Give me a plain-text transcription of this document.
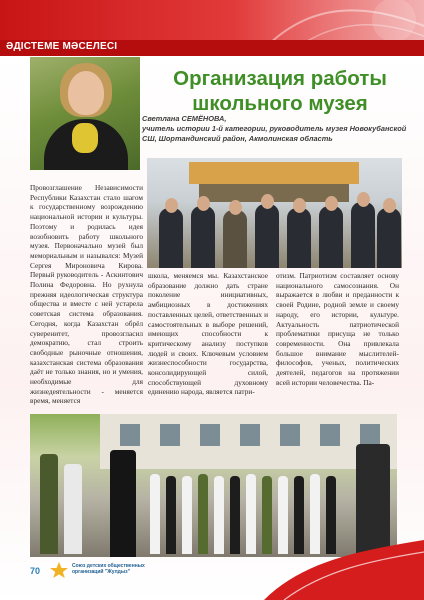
ӘДІСТЕМЕ МӘСЕЛЕСІ
Организация работы школьного музея
Светлана СЕМЁНОВА,
учитель истории 1-й категории, руководитель музея Новокубанской СШ, Шортандинский район, Акмолинская область
Провозглашение Независимости Республики Казахстан стало шагом к государственному возрождению национальной истории и культуры. Поэтому и родилась идея возобновить работу школьного музея. Первоначально музей был мемориальным и назывался: Музей Сергея Мироновича Кирова. Первый руководитель - Аскинтович Полина Федоровна. Но рухнула прежняя идеологическая структура общества и вместе с ней устарела советская система образования. Сегодня, когда Казахстан обрёл суверенитет, провозгласил демократию, стал строить свободные рыночные отношения, казахстанская система образования даёт не только знания, но и умения, необходимые для жизнедеятельности - меняется время, меняется
школа, меняемся мы. Казахстанское образование должно дать стране поколение инициативных, амбициозных в достижениях поставленных целей, ответственных и самостоятельных в выборе решений, имеющих способности к критическому анализу поступков людей и своих. Ключевым условием жизнеспособности государства, консолидирующей силой, способствующей духовному единению народа, является патри-
отизм. Патриотизм составляет основу национального самосознания. Он выражается в любви и преданности к своей Родине, родной земле и своему народу, его истории, культуре. Актуальность патриотической проблематики присуща не только современности. Она привлекала большое внимание мыслителей-философов, ученых, политических деятелей, педагогов на протяжении всей истории человечества. Па-
70	Союз детских общественных организаций "Жулдыз"
